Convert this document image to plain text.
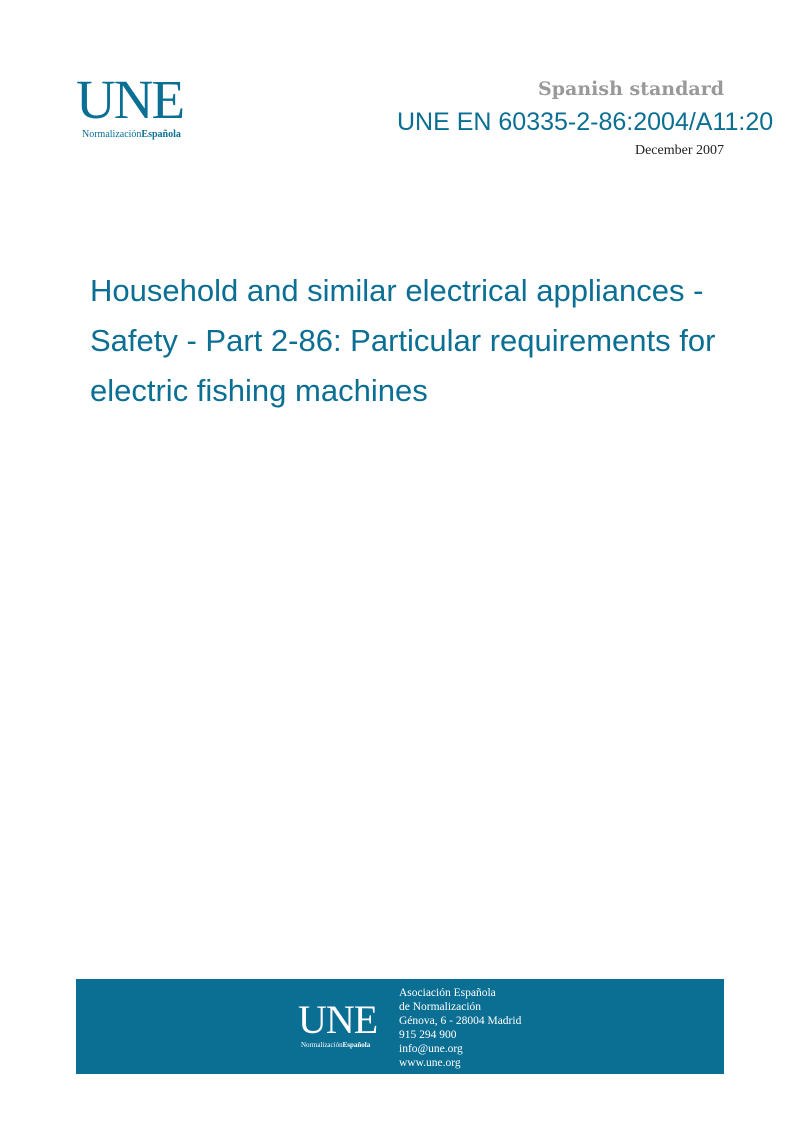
UNE
NormalizaciónEspañola
Spanish standard
UNE EN 60335-2-86:2004/A11:20
December 2007
Household and similar electrical appliances - Safety - Part 2-86: Particular requirements for electric fishing machines
UNE
NormalizaciónEspañola
Asociación Española
de Normalización
Génova, 6 - 28004 Madrid
915 294 900
info@une.org
www.une.org
